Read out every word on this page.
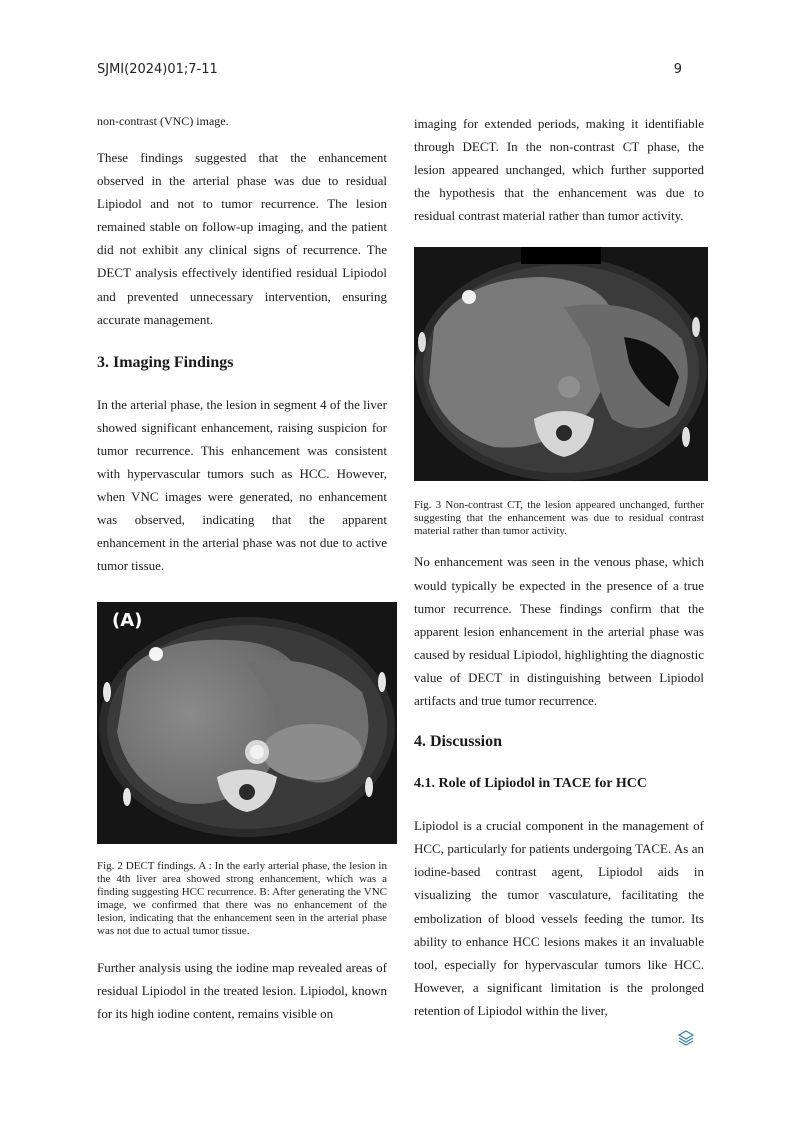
SJMI(2024)01;7-11	9

non-contrast (VNC) image.

These findings suggested that the enhancement observed in the arterial phase was due to residual Lipiodol and not to tumor recurrence. The lesion remained stable on follow-up imaging, and the patient did not exhibit any clinical signs of recurrence. The DECT analysis effectively identified residual Lipiodol and prevented unnecessary intervention, ensuring accurate management.

3. Imaging Findings

In the arterial phase, the lesion in segment 4 of the liver showed significant enhancement, raising suspicion for tumor recurrence. This enhancement was consistent with hypervascular tumors such as HCC. However, when VNC images were generated, no enhancement was observed, indicating that the apparent enhancement in the arterial phase was not due to active tumor tissue.

(A)

Fig. 2 DECT findings. A : In the early arterial phase, the lesion in the 4th liver area showed strong enhancement, which was a finding suggesting HCC recurrence. B: After generating the VNC image, we confirmed that there was no enhancement of the lesion, indicating that the enhancement seen in the arterial phase was not due to actual tumor tissue.

Further analysis using the iodine map revealed areas of residual Lipiodol in the treated lesion. Lipiodol, known for its high iodine content, remains visible on

imaging for extended periods, making it identifiable through DECT. In the non-contrast CT phase, the lesion appeared unchanged, which further supported the hypothesis that the enhancement was due to residual contrast material rather than tumor activity.

Fig. 3 Non-contrast CT, the lesion appeared unchanged, further suggesting that the enhancement was due to residual contrast material rather than tumor activity.

No enhancement was seen in the venous phase, which would typically be expected in the presence of a true tumor recurrence. These findings confirm that the apparent lesion enhancement in the arterial phase was caused by residual Lipiodol, highlighting the diagnostic value of DECT in distinguishing between Lipiodol artifacts and true tumor recurrence.

4. Discussion
4.1. Role of Lipiodol in TACE for HCC

Lipiodol is a crucial component in the management of HCC, particularly for patients undergoing TACE. As an iodine-based contrast agent, Lipiodol aids in visualizing the tumor vasculature, facilitating the embolization of blood vessels feeding the tumor. Its ability to enhance HCC lesions makes it an invaluable tool, especially for hypervascular tumors like HCC. However, a significant limitation is the prolonged retention of Lipiodol within the liver,
